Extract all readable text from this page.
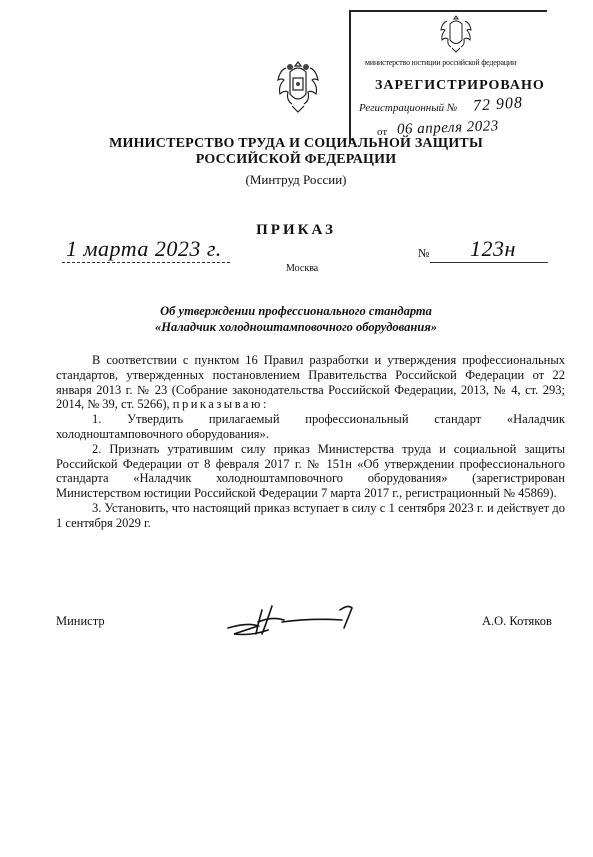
министерство юстиции российской федерации
ЗАРЕГИСТРИРОВАНО
Регистрационный № 72 908
от 06 апреля 2023
МИНИСТЕРСТВО ТРУДА И СОЦИАЛЬНОЙ ЗАЩИТЫ
РОССИЙСКОЙ ФЕДЕРАЦИИ
(Минтруд России)
ПРИКАЗ
1 марта 2023 г.
Москва
№ 123н
Об утверждении профессионального стандарта
«Наладчик холодноштамповочного оборудования»

В соответствии с пунктом 16 Правил разработки и утверждения профессиональных стандартов, утвержденных постановлением Правительства Российской Федерации от 22 января 2013 г. № 23 (Собрание законодательства Российской Федерации, 2013, № 4, ст. 293; 2014, № 39, ст. 5266), приказываю:

1. Утвердить прилагаемый профессиональный стандарт «Наладчик холодноштамповочного оборудования».

2. Признать утратившим силу приказ Министерства труда и социальной защиты Российской Федерации от 8 февраля 2017 г. № 151н «Об утверждении профессионального стандарта «Наладчик холодноштамповочного оборудования» (зарегистрирован Министерством юстиции Российской Федерации 7 марта 2017 г., регистрационный № 45869).

3. Установить, что настоящий приказ вступает в силу с 1 сентября 2023 г. и действует до 1 сентября 2029 г.

Министр	А.О. Котяков
